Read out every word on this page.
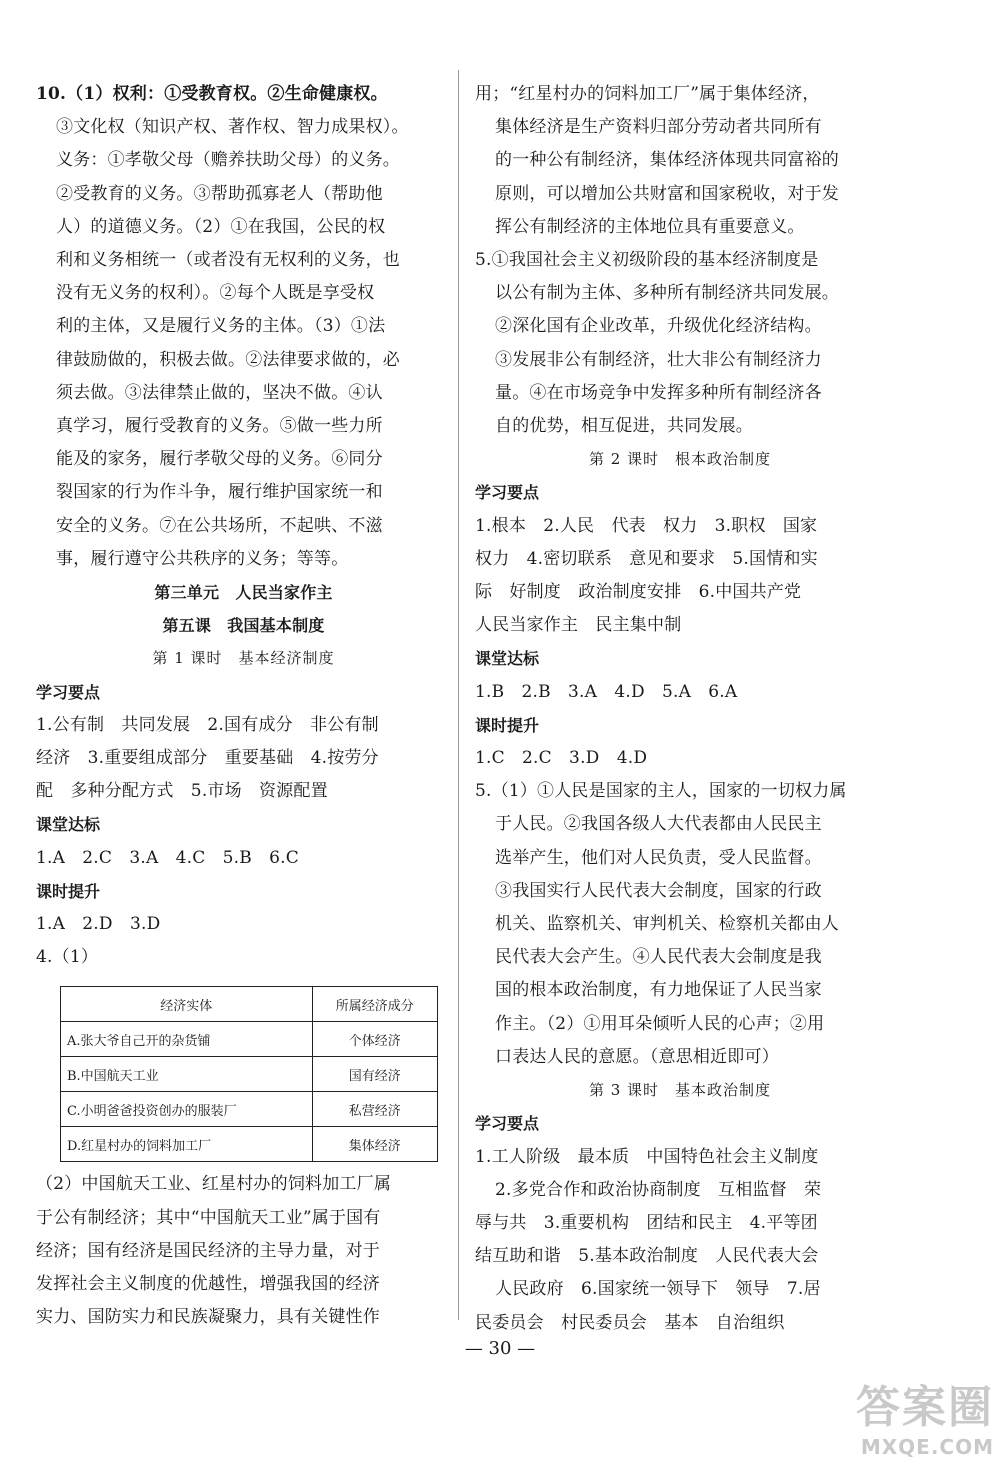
10.（1）权利：①受教育权。②生命健康权。
③文化权（知识产权、著作权、智力成果权）。
义务：①孝敬父母（赡养扶助父母）的义务。
②受教育的义务。③帮助孤寡老人（帮助他
人）的道德义务。（2）①在我国，公民的权
利和义务相统一（或者没有无权利的义务，也
没有无义务的权利）。②每个人既是享受权
利的主体，又是履行义务的主体。（3）①法
律鼓励做的，积极去做。②法律要求做的，必
须去做。③法律禁止做的，坚决不做。④认
真学习，履行受教育的义务。⑤做一些力所
能及的家务，履行孝敬父母的义务。⑥同分
裂国家的行为作斗争，履行维护国家统一和
安全的义务。⑦在公共场所，不起哄、不滋
事，履行遵守公共秩序的义务；等等。
第三单元　人民当家作主
第五课　我国基本制度
第 1 课时　基本经济制度
学习要点
1.公有制　共同发展　2.国有成分　非公有制
经济　3.重要组成部分　重要基础　4.按劳分
配　多种分配方式　5.市场　资源配置
课堂达标
1.A　2.C　3.A　4.C　5.B　6.C
课时提升
1.A　2.D　3.D
4.（1）
经济实体	所属经济成分
A.张大爷自己开的杂货铺	个体经济
B.中国航天工业	国有经济
C.小明爸爸投资创办的服装厂	私营经济
D.红星村办的饲料加工厂	集体经济
（2）中国航天工业、红星村办的饲料加工厂属
于公有制经济；其中“中国航天工业”属于国有
经济；国有经济是国民经济的主导力量，对于
发挥社会主义制度的优越性，增强我国的经济
实力、国防实力和民族凝聚力，具有关键性作
用；“红星村办的饲料加工厂”属于集体经济，
集体经济是生产资料归部分劳动者共同所有
的一种公有制经济，集体经济体现共同富裕的
原则，可以增加公共财富和国家税收，对于发
挥公有制经济的主体地位具有重要意义。
5.①我国社会主义初级阶段的基本经济制度是
以公有制为主体、多种所有制经济共同发展。
②深化国有企业改革，升级优化经济结构。
③发展非公有制经济，壮大非公有制经济力
量。④在市场竞争中发挥多种所有制经济各
自的优势，相互促进，共同发展。
第 2 课时　根本政治制度
学习要点
1.根本　2.人民　代表　权力　3.职权　国家
权力　4.密切联系　意见和要求　5.国情和实
际　好制度　政治制度安排　6.中国共产党
人民当家作主　民主集中制
课堂达标
1.B　2.B　3.A　4.D　5.A　6.A
课时提升
1.C　2.C　3.D　4.D
5.（1）①人民是国家的主人，国家的一切权力属
于人民。②我国各级人大代表都由人民民主
选举产生，他们对人民负责，受人民监督。
③我国实行人民代表大会制度，国家的行政
机关、监察机关、审判机关、检察机关都由人
民代表大会产生。④人民代表大会制度是我
国的根本政治制度，有力地保证了人民当家
作主。（2）①用耳朵倾听人民的心声；②用
口表达人民的意愿。（意思相近即可）
第 3 课时　基本政治制度
学习要点
1.工人阶级　最本质　中国特色社会主义制度
2.多党合作和政治协商制度　互相监督　荣
辱与共　3.重要机构　团结和民主　4.平等团
结互助和谐　5.基本政治制度　人民代表大会
人民政府　6.国家统一领导下　领导　7.居
民委员会　村民委员会　基本　自治组织
— 30 —
答案圈
MXQE.COM
